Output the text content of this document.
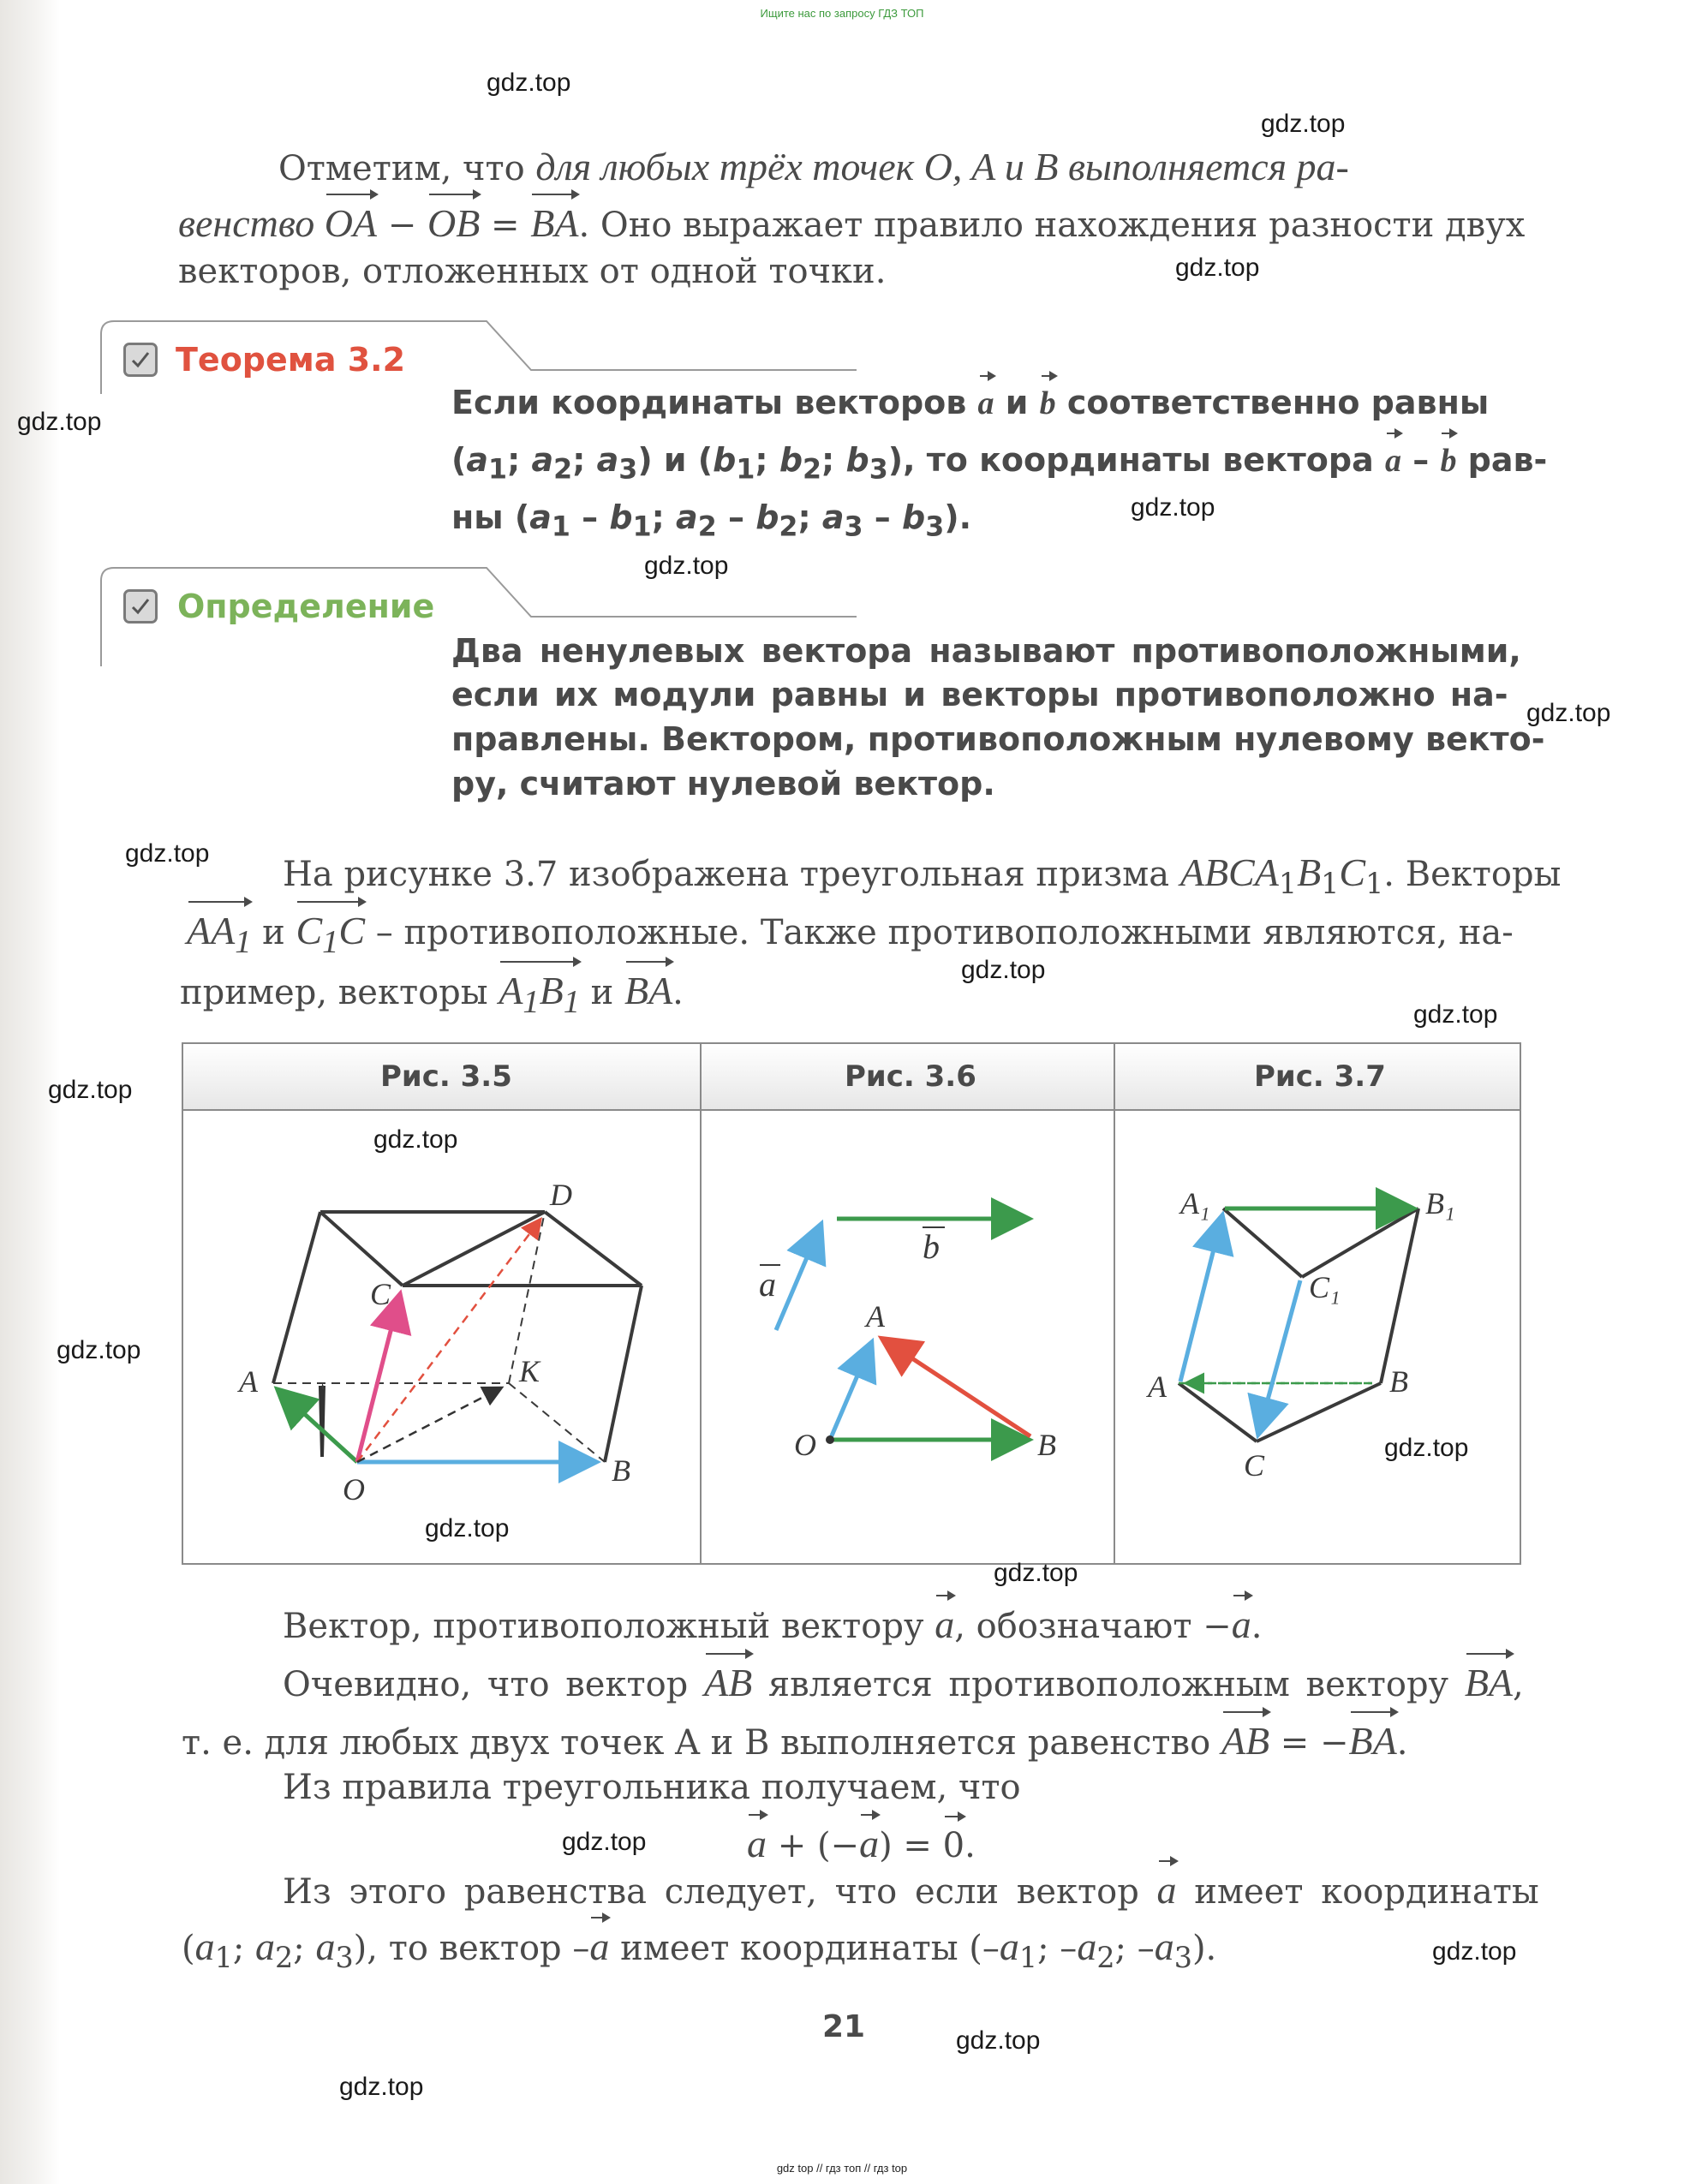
Ищите нас по запросу ГДЗ ТОП
Отметим, что для любых трёх точек O, A и B выполняется ра-
венство OA − OB = BA. Оно выражает правило нахождения разности двух
векторов, отложенных от одной точки.
Теорема 3.2
Если координаты векторов a и b соответственно равны
($a_1$; $a_2$; $a_3$) и ($b_1$; $b_2$; $b_3$), то координаты вектора a – b рав-
ны ($a_1 - b_1$; $a_2 - b_2$; $a_3 - b_3$).
Определение
Два ненулевых вектора называют противоположными,
если их модули равны и векторы противоположно на-
правлены. Вектором, противоположным нулевому векто-
ру, считают нулевой вектор.
На рисунке 3.7 изображена треугольная призма $ABCA_1B_1C_1$. Векторы
$AA_1$ и $C_1C$ – противоположные. Также противоположными являются, на-
пример, векторы $A_1B_1$ и BA.
Рис. 3.5	Рис. 3.6	Рис. 3.7
D
C
A	K
O
B
a
b
A
O	B
A₁	B₁
C₁
A	B
C
Вектор, противоположный вектору a, обозначают −a.
Очевидно, что вектор AB является противоположным вектору BA,
т. е. для любых двух точек A и B выполняется равенство AB = −BA.
Из правила треугольника получаем, что
a + (−a) = 0.
Из этого равенства следует, что если вектор a имеет координаты
($a_1$; $a_2$; $a_3$), то вектор –a имеет координаты ($-a_1$; $-a_2$; $-a_3$).
21
gdz.top
gdz.top
gdz.top
gdz.top
gdz.top
gdz.top
gdz.top
gdz.top
gdz.top
gdz.top
gdz.top
gdz.top
gdz.top
gdz.top
gdz.top
gdz.top
gdz.top
gdz.top
gdz.top
gdz.top
gdz top // гдз топ // гдз top
